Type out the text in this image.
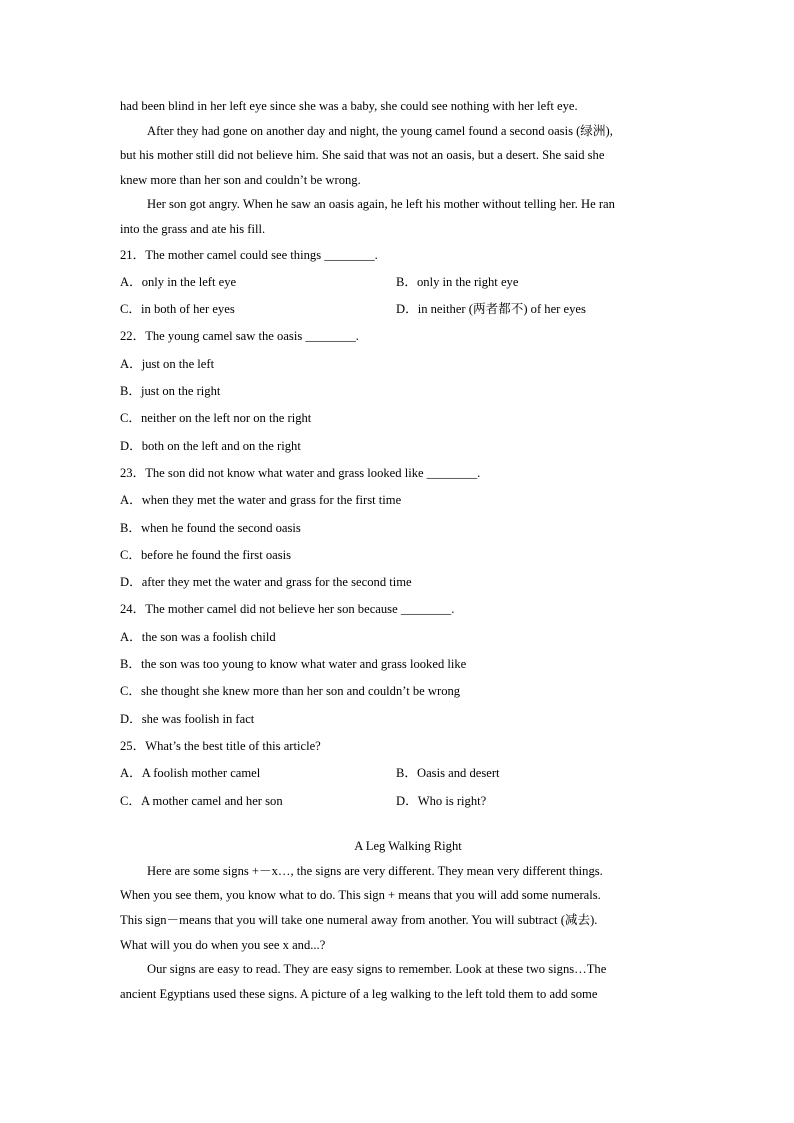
had been blind in her left eye since she was a baby, she could see nothing with her left eye.
After they had gone on another day and night, the young camel found a second oasis (绿洲),
but his mother still did not believe him. She said that was not an oasis, but a desert. She said she
knew more than her son and couldn’t be wrong.
Her son got angry. When he saw an oasis again, he left his mother without telling her. He ran
into the grass and ate his fill.
21．The mother camel could see things ________.
A．only in the left eye	B．only in the right eye
C．in both of her eyes	D．in neither (两者都不) of her eyes
22．The young camel saw the oasis ________.
A．just on the left
B．just on the right
C．neither on the left nor on the right
D．both on the left and on the right
23．The son did not know what water and grass looked like ________.
A．when they met the water and grass for the first time
B．when he found the second oasis
C．before he found the first oasis
D．after they met the water and grass for the second time
24．The mother camel did not believe her son because ________.
A．the son was a foolish child
B．the son was too young to know what water and grass looked like
C．she thought she knew more than her son and couldn’t be wrong
D．she was foolish in fact
25．What’s the best title of this article?
A．A foolish mother camel	B．Oasis and desert
C．A mother camel and her son	D．Who is right?
A Leg Walking Right
Here are some signs +－x…, the signs are very different. They mean very different things.
When you see them, you know what to do. This sign + means that you will add some numerals.
This sign－means that you will take one numeral away from another. You will subtract (减去).
What will you do when you see x and...?
Our signs are easy to read. They are easy signs to remember. Look at these two signs…The
ancient Egyptians used these signs. A picture of a leg walking to the left told them to add some
